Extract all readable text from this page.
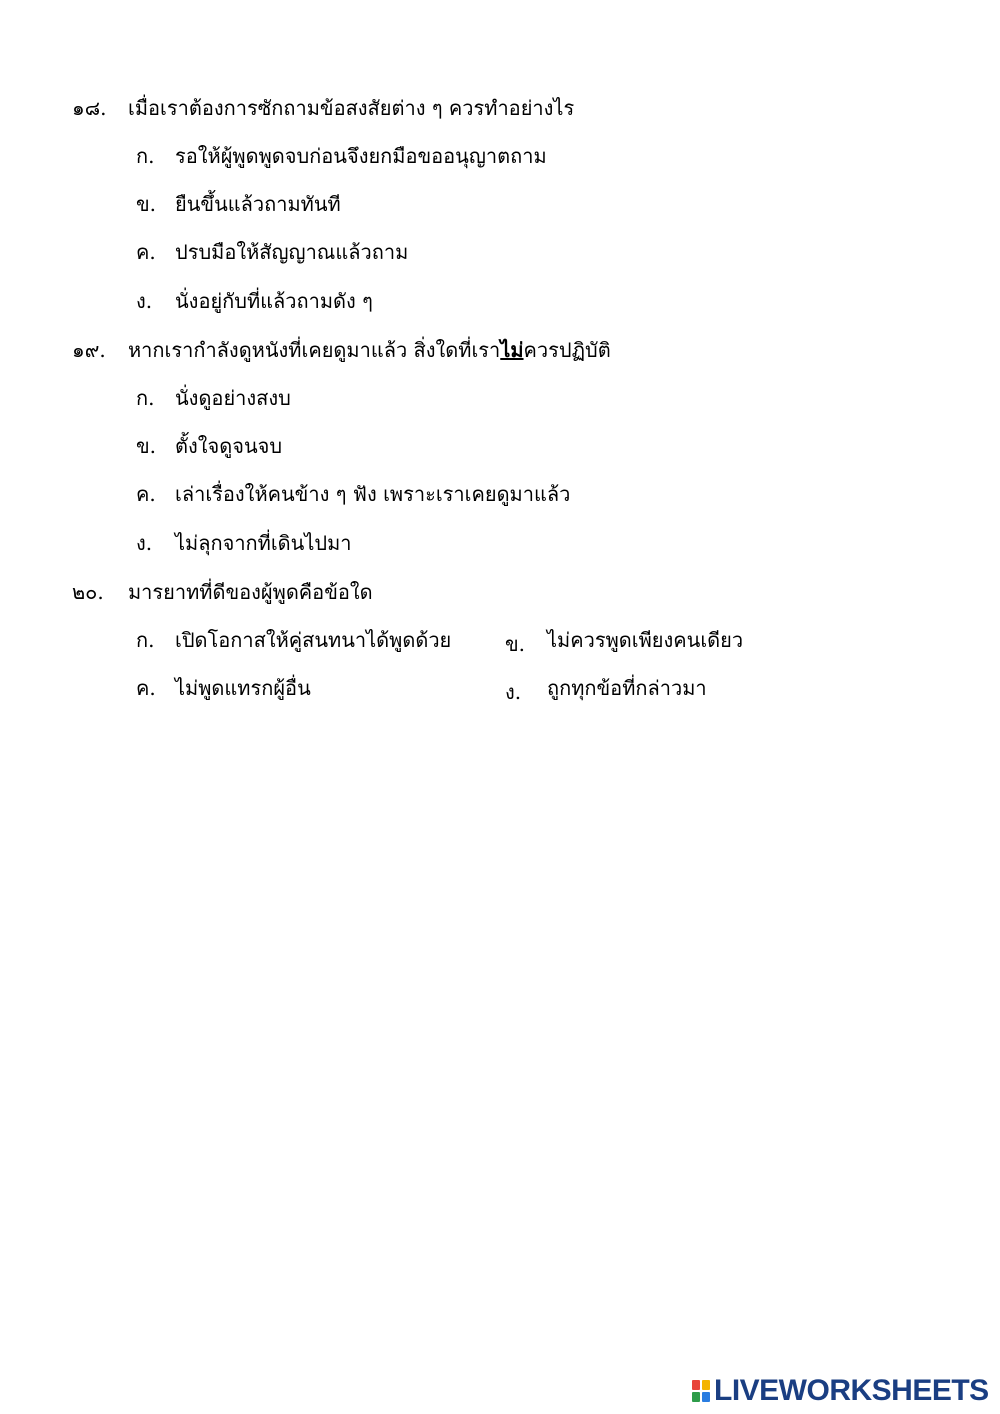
๑๘. เมื่อเราต้องการซักถามข้อสงสัยต่าง ๆ ควรทำอย่างไร
ก. รอให้ผู้พูดพูดจบก่อนจึงยกมือขออนุญาตถาม
ข. ยืนขึ้นแล้วถามทันที
ค. ปรบมือให้สัญญาณแล้วถาม
ง. นั่งอยู่กับที่แล้วถามดัง ๆ
๑๙. หากเรากำลังดูหนังที่เคยดูมาแล้ว สิ่งใดที่เราไม่ควรปฏิบัติ
ก. นั่งดูอย่างสงบ
ข. ตั้งใจดูจนจบ
ค. เล่าเรื่องให้คนข้าง ๆ ฟัง เพราะเราเคยดูมาแล้ว
ง. ไม่ลุกจากที่เดินไปมา
๒๐. มารยาทที่ดีของผู้พูดคือข้อใด
ก. เปิดโอกาสให้คู่สนทนาได้พูดด้วย	ข. ไม่ควรพูดเพียงคนเดียว
ค. ไม่พูดแทรกผู้อื่น	ง. ถูกทุกข้อที่กล่าวมา
LIVEWORKSHEETS
